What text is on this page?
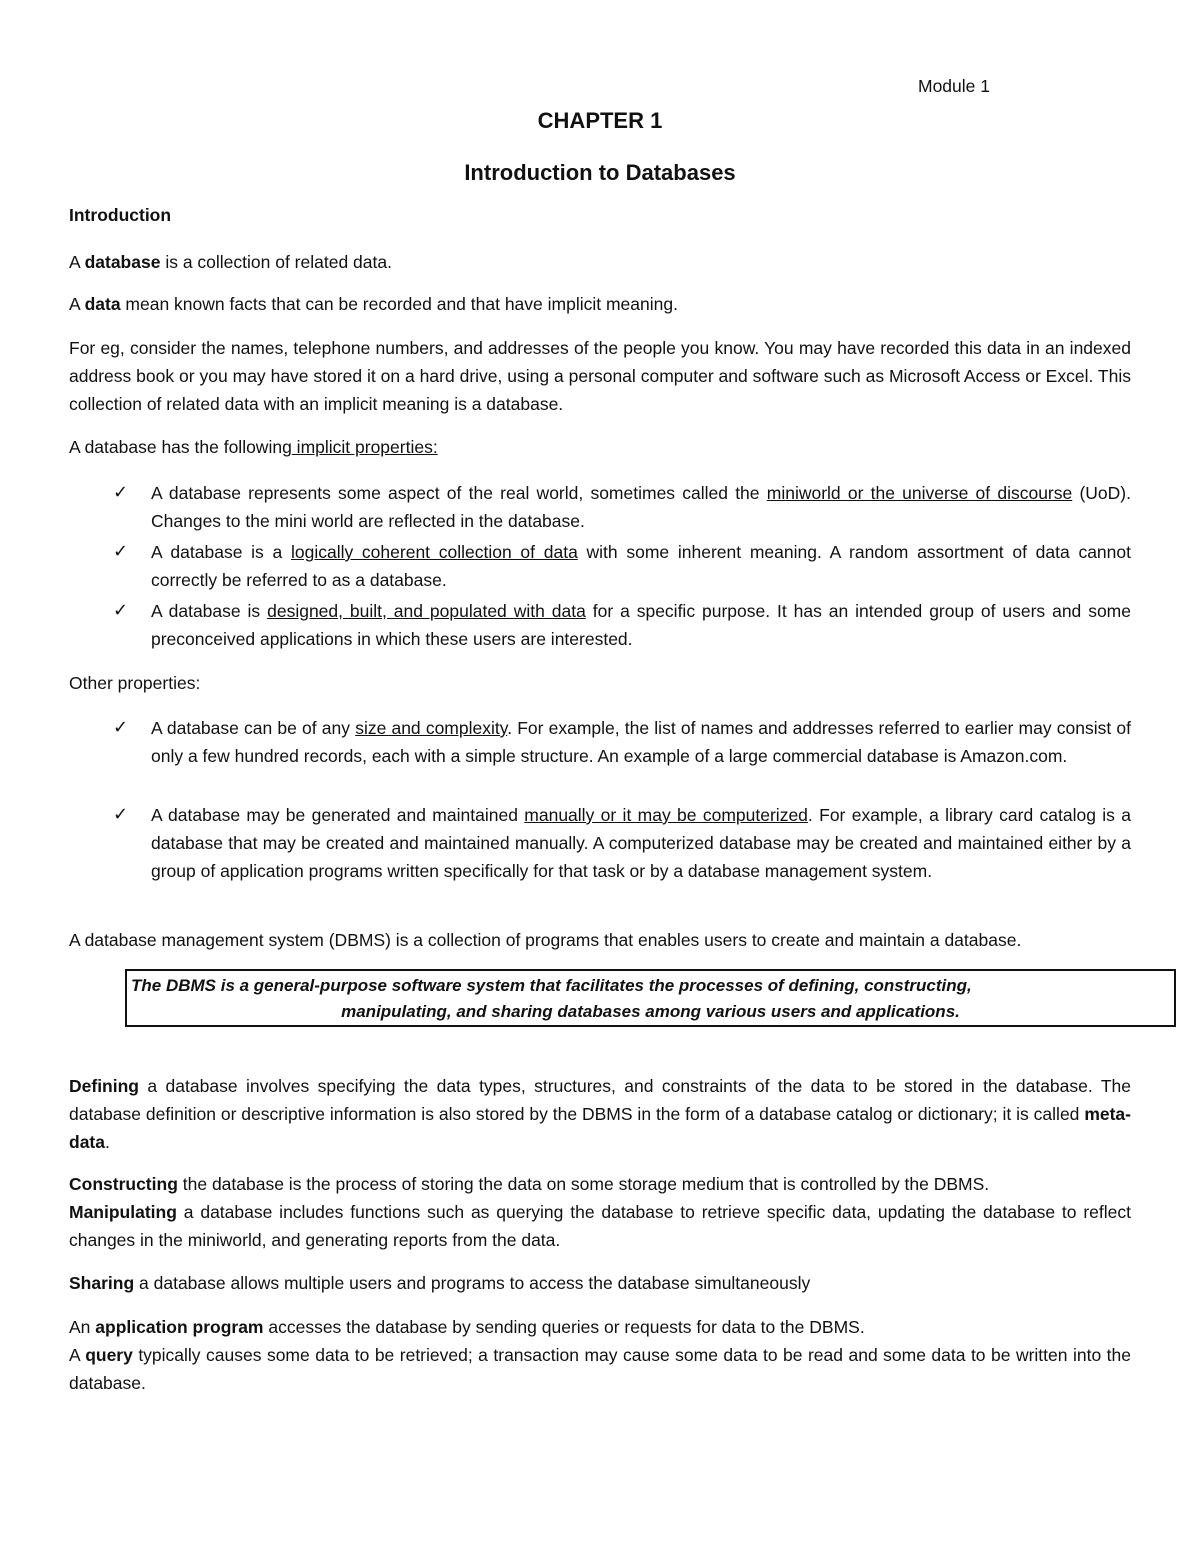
Module 1
CHAPTER 1
Introduction to Databases
Introduction
A database is a collection of related data.
A data mean known facts that can be recorded and that have implicit meaning.
For eg, consider the names, telephone numbers, and addresses of the people you know. You may have recorded this data in an indexed address book or you may have stored it on a hard drive, using a personal computer and software such as Microsoft Access or Excel. This collection of related data with an implicit meaning is a database.
A database has the following implicit properties:
✓ A database represents some aspect of the real world, sometimes called the miniworld or the universe of discourse (UoD). Changes to the mini world are reflected in the database.
✓ A database is a logically coherent collection of data with some inherent meaning. A random assortment of data cannot correctly be referred to as a database.
✓ A database is designed, built, and populated with data for a specific purpose. It has an intended group of users and some preconceived applications in which these users are interested.
Other properties:
✓ A database can be of any size and complexity. For example, the list of names and addresses referred to earlier may consist of only a few hundred records, each with a simple structure. An example of a large commercial database is Amazon.com.
✓ A database may be generated and maintained manually or it may be computerized. For example, a library card catalog is a database that may be created and maintained manually. A computerized database may be created and maintained either by a group of application programs written specifically for that task or by a database management system.
A database management system (DBMS) is a collection of programs that enables users to create and maintain a database.
The DBMS is a general-purpose software system that facilitates the processes of defining, constructing,
manipulating, and sharing databases among various users and applications.
Defining a database involves specifying the data types, structures, and constraints of the data to be stored in the database. The database definition or descriptive information is also stored by the DBMS in the form of a database catalog or dictionary; it is called meta-data.
Constructing the database is the process of storing the data on some storage medium that is controlled by the DBMS.
Manipulating a database includes functions such as querying the database to retrieve specific data, updating the database to reflect changes in the miniworld, and generating reports from the data.
Sharing a database allows multiple users and programs to access the database simultaneously
An application program accesses the database by sending queries or requests for data to the DBMS.
A query typically causes some data to be retrieved; a transaction may cause some data to be read and some data to be written into the database.
